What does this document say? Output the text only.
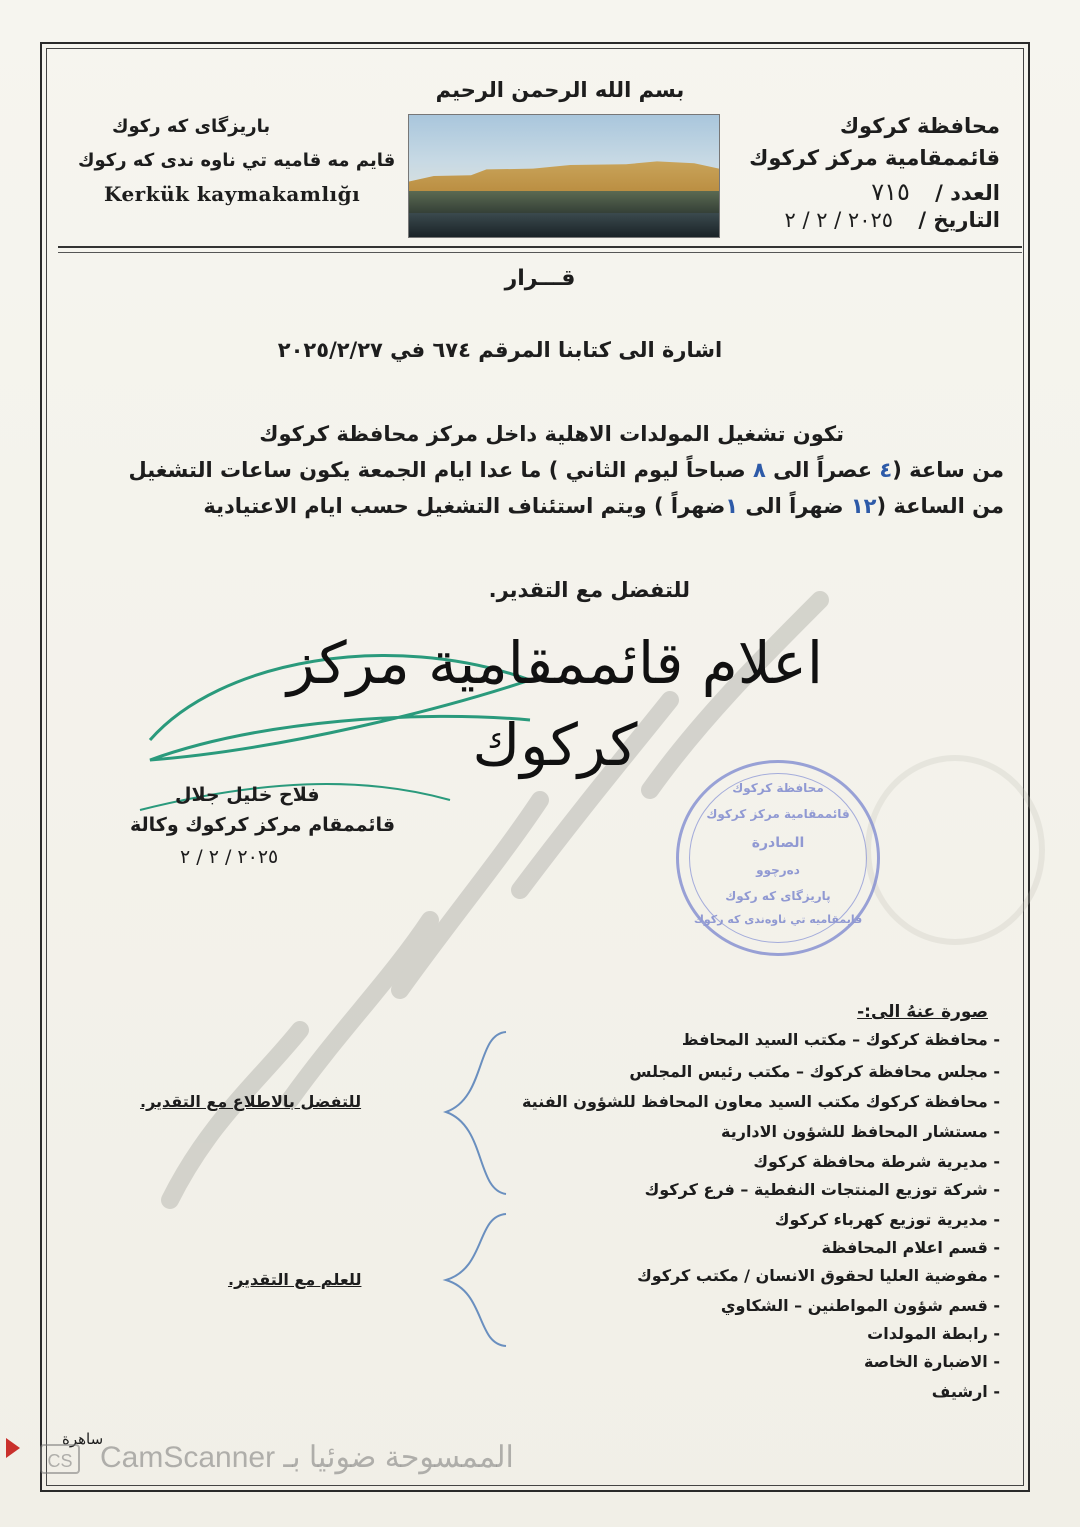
بسم الله الرحمن الرحيم
محافظة كركوك
قائممقامية مركز كركوك
العدد / ٧١٥
التاريخ / ٢٠٢٥ / ٢ / ٢
باريزگای كه ركوك
قايم مه قاميه تي ناوه ندى كه ركوك
Kerkük kaymakamlığı
قـــرار
اشارة الى كتابنا المرقم ٦٧٤ في ٢٠٢٥/٢/٢٧
تكون تشغيل المولدات الاهلية داخل مركز محافظة كركوك
من ساعة (٤ عصراً الى ٨ صباحاً ليوم الثاني ) ما عدا ايام الجمعة يكون ساعات التشغيل
من الساعة (١٢ ضهراً الى ١ضهراً ) ويتم استئناف التشغيل حسب ايام الاعتيادية
للتفضل مع التقدير.
اعلام قائممقامية مركز
كركوك
فلاح خليل جلال
قائممقام مركز كركوك وكالة
٢٠٢٥ / ٢ / ٢
محافظة كركوك
قائممقامية مركز كركوك
الصادرة
دەرچوو
پاريزگای كه ركوك
قايمقاميه تي ناوەندى كه ركوك
صورة عنهُ الى:-
- محافظة كركوك – مكتب السيد المحافظ
- مجلس محافظة كركوك – مكتب رئيس المجلس
- محافظة كركوك مكتب السيد معاون المحافظ للشؤون الفنية
- مستشار المحافظ للشؤون الادارية
- مديرية شرطة محافظة كركوك
- شركة توزيع المنتجات النفطية – فرع كركوك
- مديرية توزيع كهرباء كركوك
- قسم اعلام المحافظة
- مفوضية العليا لحقوق الانسان / مكتب كركوك
- قسم شؤون المواطنين – الشكاوي
- رابطة المولدات
- الاضبارة الخاصة
- ارشيف
للتفضل بالاطلاع مع التقدير.
للعلم مع التقدير.
ساهرة
CS CamScanner الممسوحة ضوئيا بـ
